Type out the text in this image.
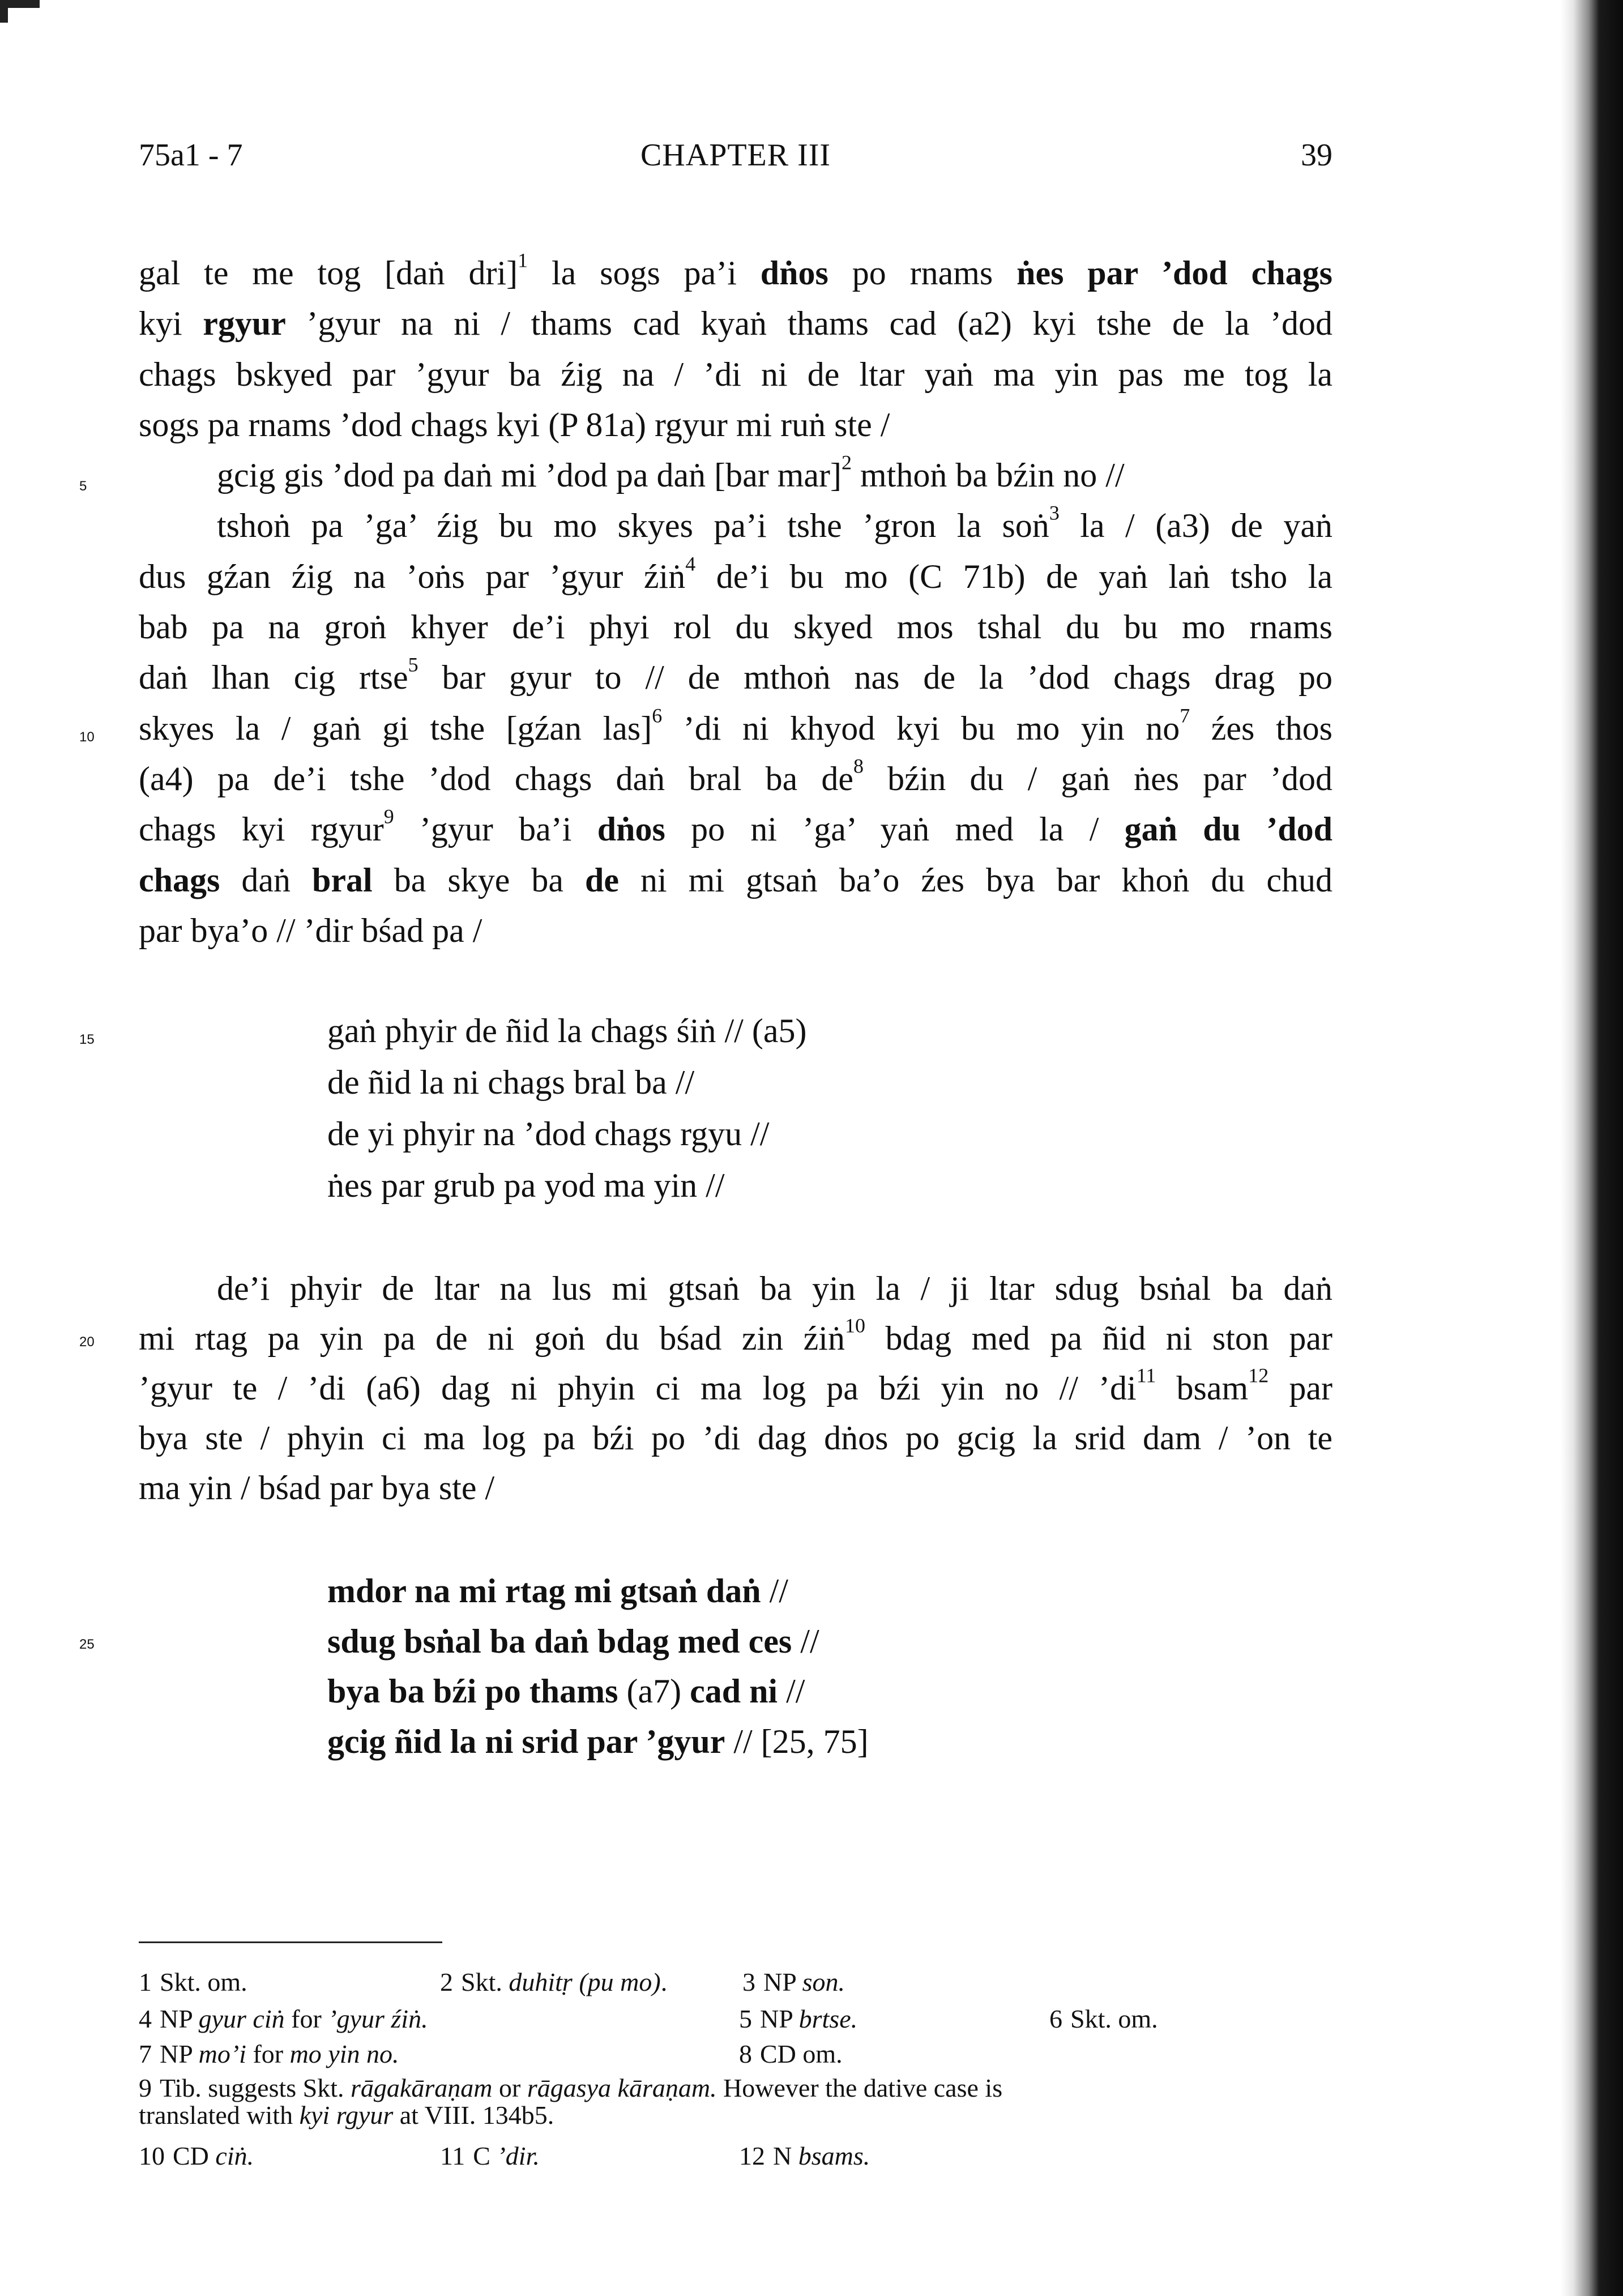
75a1 - 7	CHAPTER III	39
5
10
15
20
25
gal te me tog [daṅ dri]$^1$ la sogs pa’i dṅos po rnams ṅes par ’dod chags
kyi rgyur ’gyur na ni / thams cad kyaṅ thams cad (a2) kyi tshe de la ’dod
chags bskyed par ’gyur ba źig na / ’di ni de ltar yaṅ ma yin pas me tog la
sogs pa rnams ’dod chags kyi (P 81a) rgyur mi ruṅ ste /
gcig gis ’dod pa daṅ mi ’dod pa daṅ [bar mar]$^2$ mthoṅ ba bźin no //
tshoṅ pa ’ga’ źig bu mo skyes pa’i tshe ’gron la soṅ$^3$ la / (a3) de yaṅ
dus gźan źig na ’oṅs par ’gyur źiṅ$^4$ de’i bu mo (C 71b) de yaṅ laṅ tsho la
bab pa na groṅ khyer de’i phyi rol du skyed mos tshal du bu mo rnams
daṅ lhan cig rtse$^5$ bar gyur to // de mthoṅ nas de la ’dod chags drag po
skyes la / gaṅ gi tshe [gźan las]$^6$ ’di ni khyod kyi bu mo yin $no^7$ źes thos
(a4) pa de’i tshe ’dod chags daṅ bral ba $de^8$ bźin du / gaṅ ṅes par ’dod
chags kyi rgyur$^9$ ’gyur ba’i dṅos po ni ’ga’ yaṅ med la / gaṅ du ’dod
chags daṅ bral ba skye ba de ni mi gtsaṅ ba’o źes bya bar khoṅ du chud
par bya’o // ’dir bśad pa /
gaṅ phyir de ñid la chags śiṅ // (a5)
de ñid la ni chags bral ba //
de yi phyir na ’dod chags rgyu //
ṅes par grub pa yod ma yin //
de’i phyir de ltar na lus mi gtsaṅ ba yin la / ji ltar sdug bsṅal ba daṅ
mi rtag pa yin pa de ni goṅ du bśad zin źiṅ$^{10}$ bdag med pa ñid ni ston par
’gyur te / ’di (a6) dag ni phyin ci ma log pa bźi yin no // $’di^{11}$ bsam$^{12}$ par
bya ste / phyin ci ma log pa bźi po ’di dag dṅos po gcig la srid dam / ’on te
ma yin / bśad par bya ste /
mdor na mi rtag mi gtsaṅ daṅ //
sdug bsṅal ba daṅ bdag med ces //
bya ba bźi po thams (a7) cad ni //
gcig ñid la ni srid par ’gyur // [25, 75]
1 Skt. om.	2 Skt. duhitṛ (pu mo).	3 NP son.
4 NP gyur ciṅ for ’gyur źiṅ.	5 NP brtse.	6 Skt. om.
7 NP mo’i for mo yin no.	8 CD om.
9 Tib. suggests Skt. rāgakāraṇam or rāgasya kāraṇam. However the dative case is
translated with kyi rgyur at VIII. 134b5.
10 CD ciṅ.	11 C ’dir.	12 N bsams.
